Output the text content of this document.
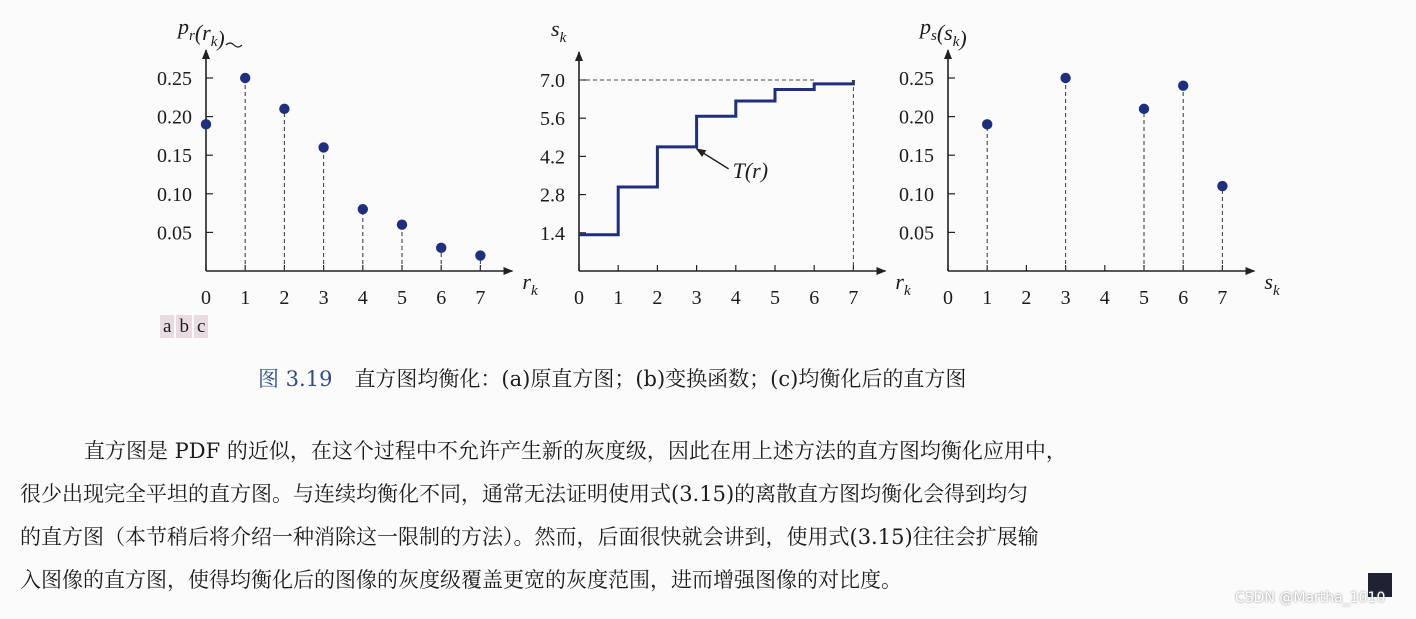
0 1 2 3 4 5 6 7
0.05
0.10
0.15
0.20
0.25
$p_r(r_k)$
$r_k$ 0 1 2 3 4 5 6 7
1.4
2.8
4.2
5.6
7.0
$s_k$
$r_k$
T(r)
0 1 2 3 4 5 6 7
0.05
0.10
0.15
0.20
0.25
$p_s(s_k)$
$s_k$
a b c
图 3.19 直方图均衡化：(a)原直方图；(b)变换函数；(c)均衡化后的直方图

直方图是 PDF 的近似，在这个过程中不允许产生新的灰度级，因此在用上述方法的直方图均衡化应用中，

很少出现完全平坦的直方图。与连续均衡化不同，通常无法证明使用式(3.15)的离散直方图均衡化会得到均匀

的直方图（本节稍后将介绍一种消除这一限制的方法）。然而，后面很快就会讲到，使用式(3.15)往往会扩展输

入图像的直方图，使得均衡化后的图像的灰度级覆盖更宽的灰度范围，进而增强图像的对比度。

CSDN @Martha_1010
